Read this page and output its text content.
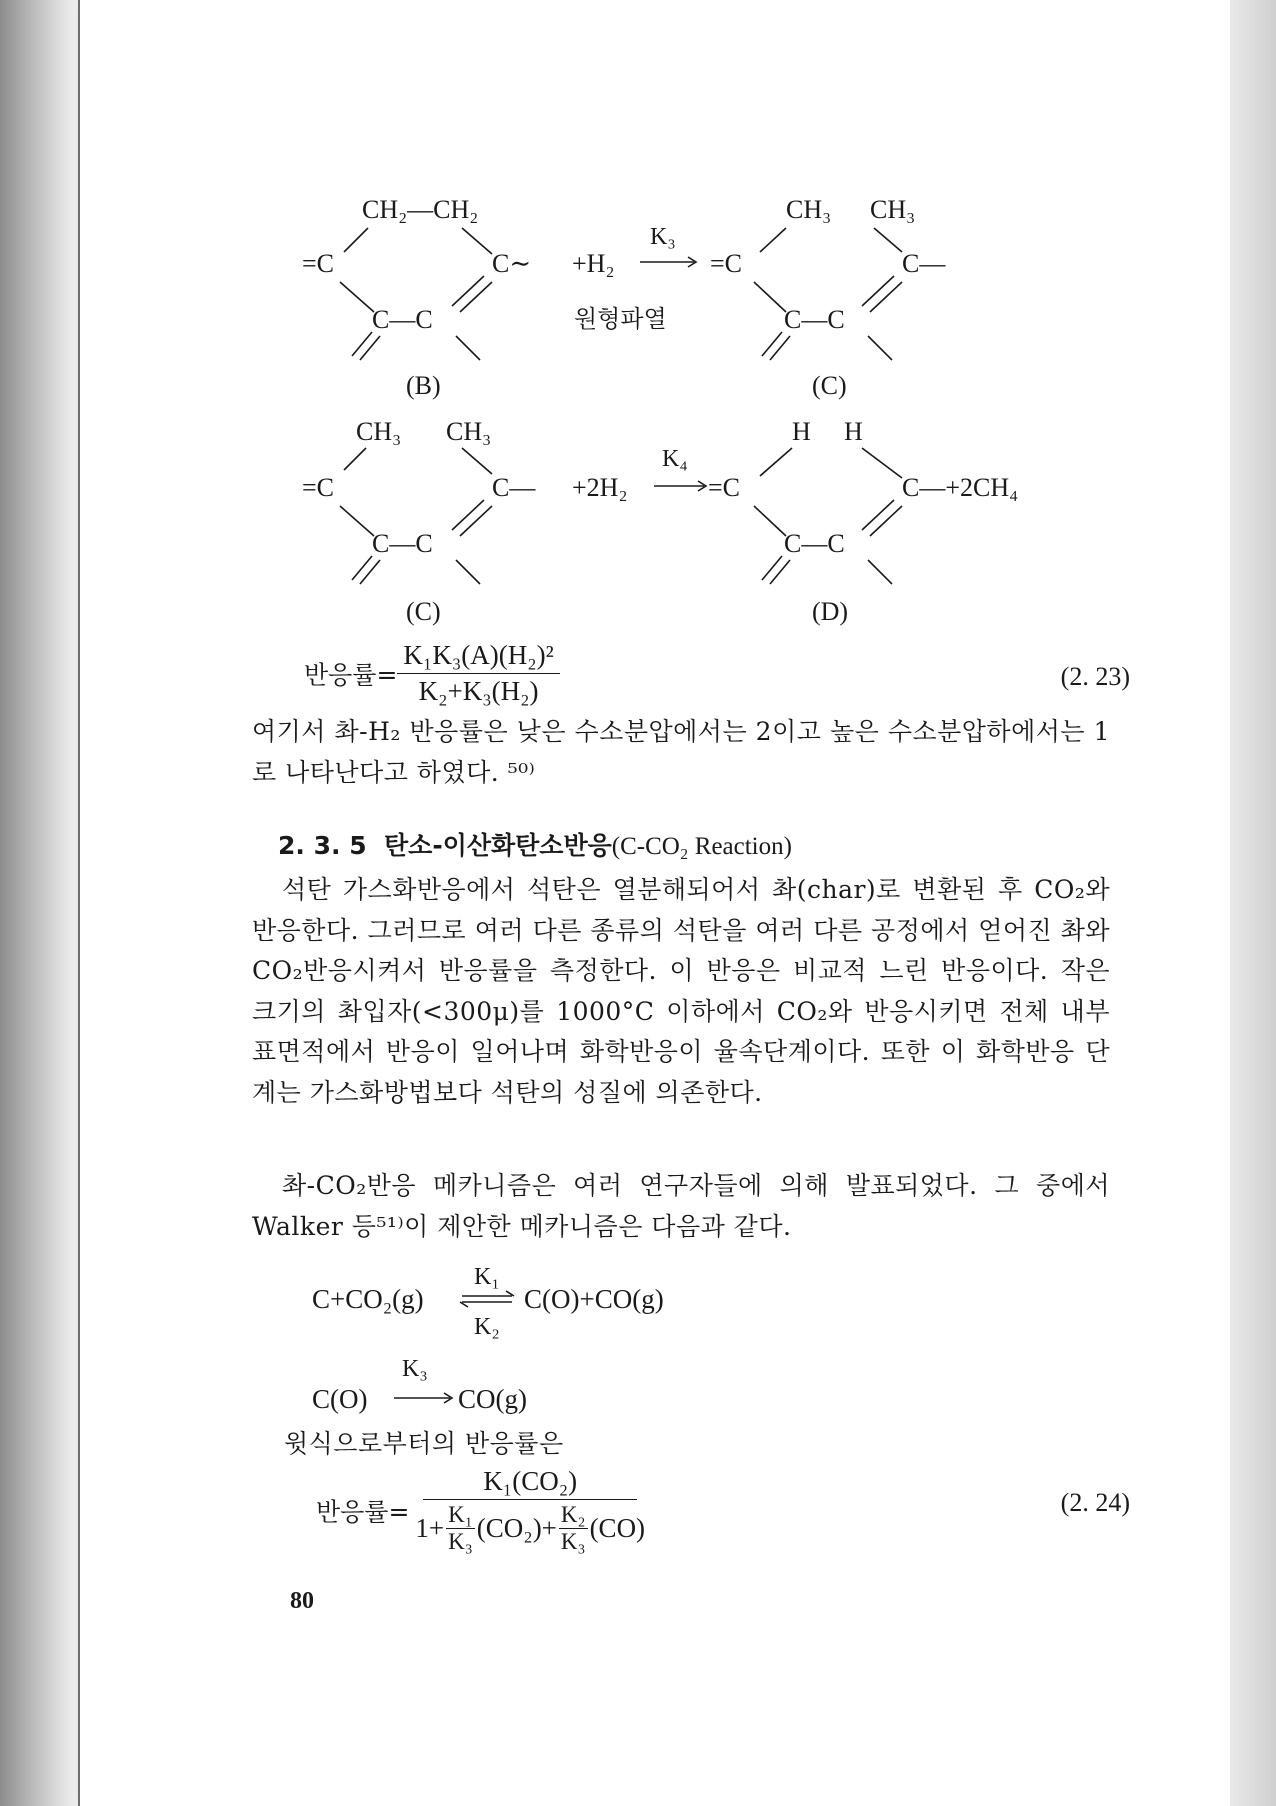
CH₂—CH₂
=C	C∼
C—C
(B)
+H₂
K₃
원형파열
CH₃ CH₃
=C	C—
C—C
(C)
CH₃ CH₃
=C	C—
C—C
(C)
+2H₂
K₄
H H
=C	C—+2CH₄
C—C
(D)
반응률= $\frac{\text{K₁K₃(A)(H₂)²}}{\text{K₂+K₃(H₂)}}$	(2. 23)
여기서 촤-H₂ 반응률은 낮은 수소분압에서는 2이고 높은 수소분압하에서는 1로 나타난다고 하였다. ⁵⁰⁾
2. 3. 5 탄소-이산화탄소반응(C-CO₂ Reaction)
석탄 가스화반응에서 석탄은 열분해되어서 촤(char)로 변환된 후 CO₂와 반응한다. 그러므로 여러 다른 종류의 석탄을 여러 다른 공정에서 얻어진 촤와 CO₂반응시켜서 반응률을 측정한다. 이 반응은 비교적 느린 반응이다. 작은 크기의 촤입자(<300μ)를 1000°C 이하에서 CO₂와 반응시키면 전체 내부표면적에서 반응이 일어나며 화학반응이 율속단계이다. 또한 이 화학반응 단계는 가스화방법보다 석탄의 성질에 의존한다.
촤-CO₂반응 메카니즘은 여러 연구자들에 의해 발표되었다. 그 중에서 Walker 등⁵¹⁾이 제안한 메카니즘은 다음과 같다.
C+CO₂(g)
K₁
K₂
C(O)+CO(g)
C(O)
K₃
CO(g)
윗식으로부터의 반응률은
반응률=
K₁(CO₂)
$1+ \frac{\text{K₁}}{\text{K₃}} (CO_2)+ \frac{\text{K₂}}{\text{K₃}} (CO)$
(2. 24)
80
